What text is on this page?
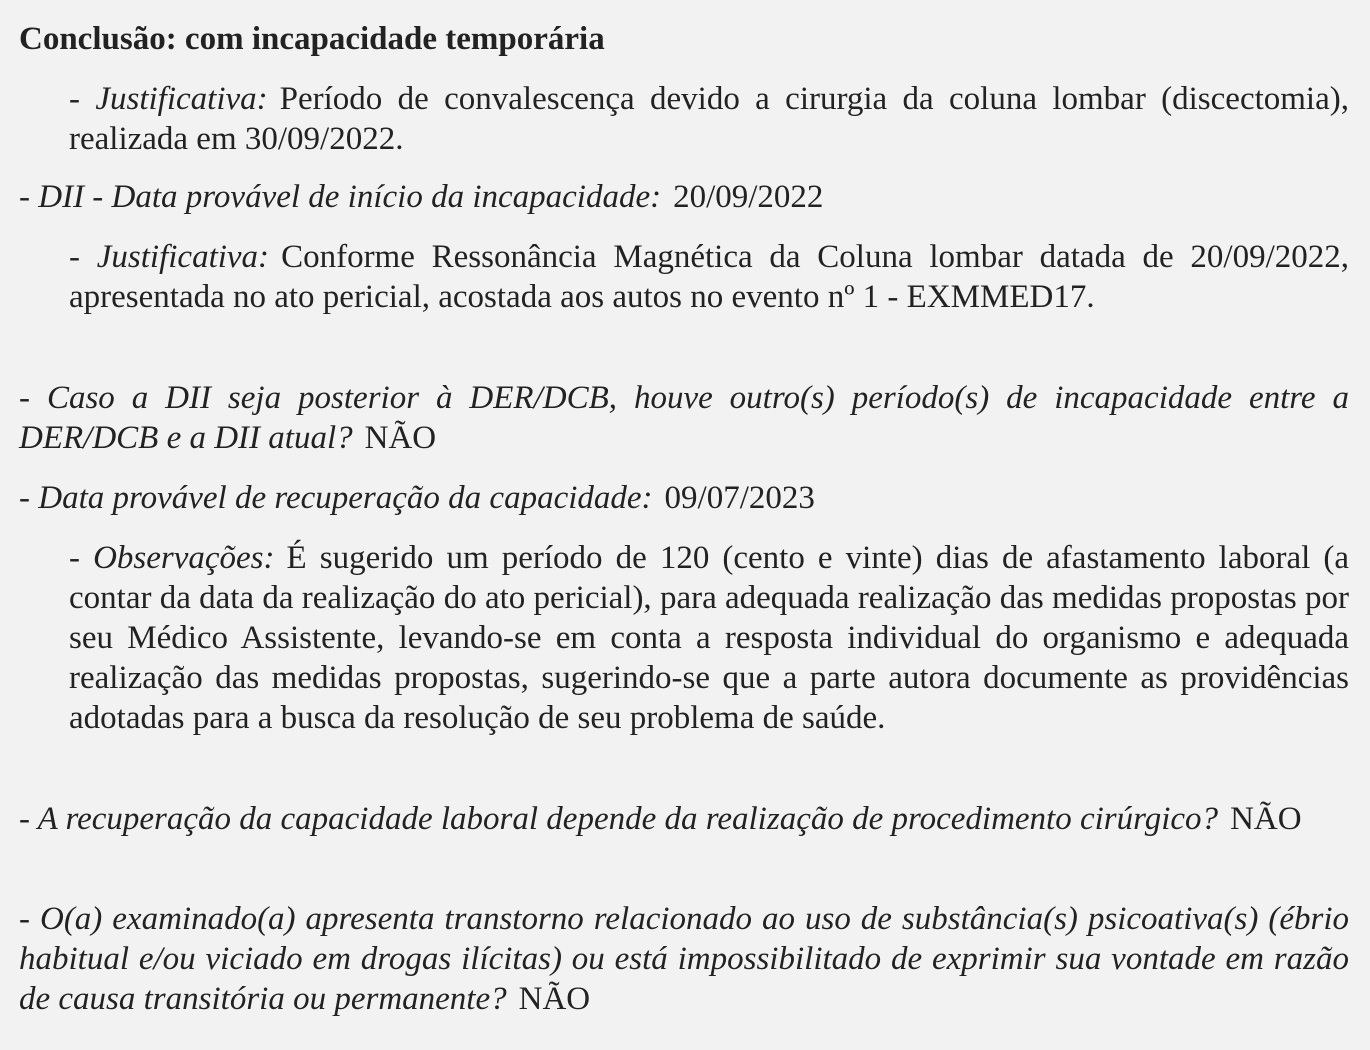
Conclusão: com incapacidade temporária

- Justificativa: Período de convalescença devido a cirurgia da coluna lombar (discectomia), realizada em 30/09/2022.

- DII - Data provável de início da incapacidade: 20/09/2022

- Justificativa: Conforme Ressonância Magnética da Coluna lombar datada de 20/09/2022, apresentada no ato pericial, acostada aos autos no evento nº 1 - EXMMED17.

- Caso a DII seja posterior à DER/DCB, houve outro(s) período(s) de incapacidade entre a DER/DCB e a DII atual? NÃO

- Data provável de recuperação da capacidade: 09/07/2023

- Observações: É sugerido um período de 120 (cento e vinte) dias de afastamento laboral (a contar da data da realização do ato pericial), para adequada realização das medidas propostas por seu Médico Assistente, levando-se em conta a resposta individual do organismo e adequada realização das medidas propostas, sugerindo-se que a parte autora documente as providências adotadas para a busca da resolução de seu problema de saúde.

- A recuperação da capacidade laboral depende da realização de procedimento cirúrgico? NÃO

- O(a) examinado(a) apresenta transtorno relacionado ao uso de substância(s) psicoativa(s) (ébrio habitual e/ou viciado em drogas ilícitas) ou está impossibilitado de exprimir sua vontade em razão de causa transitória ou permanente? NÃO
